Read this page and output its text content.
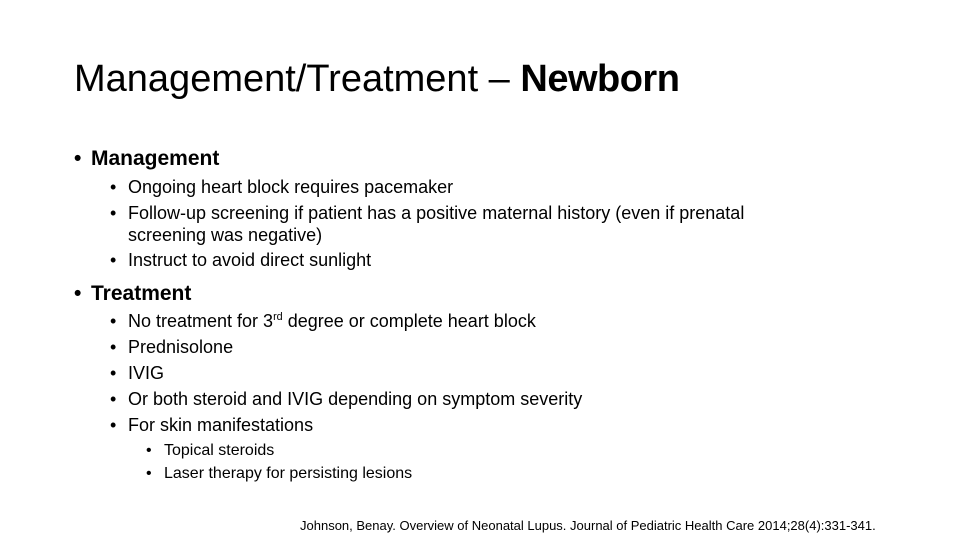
Management/Treatment – Newborn
• Management
• Ongoing heart block requires pacemaker
• Follow-up screening if patient has a positive maternal history (even if prenatal
screening was negative)
• Instruct to avoid direct sunlight
• Treatment
• No treatment for 3rd degree or complete heart block
• Prednisolone
• IVIG
• Or both steroid and IVIG depending on symptom severity
• For skin manifestations
• Topical steroids
• Laser therapy for persisting lesions
Johnson, Benay. Overview of Neonatal Lupus. Journal of Pediatric Health Care 2014;28(4):331-341.
